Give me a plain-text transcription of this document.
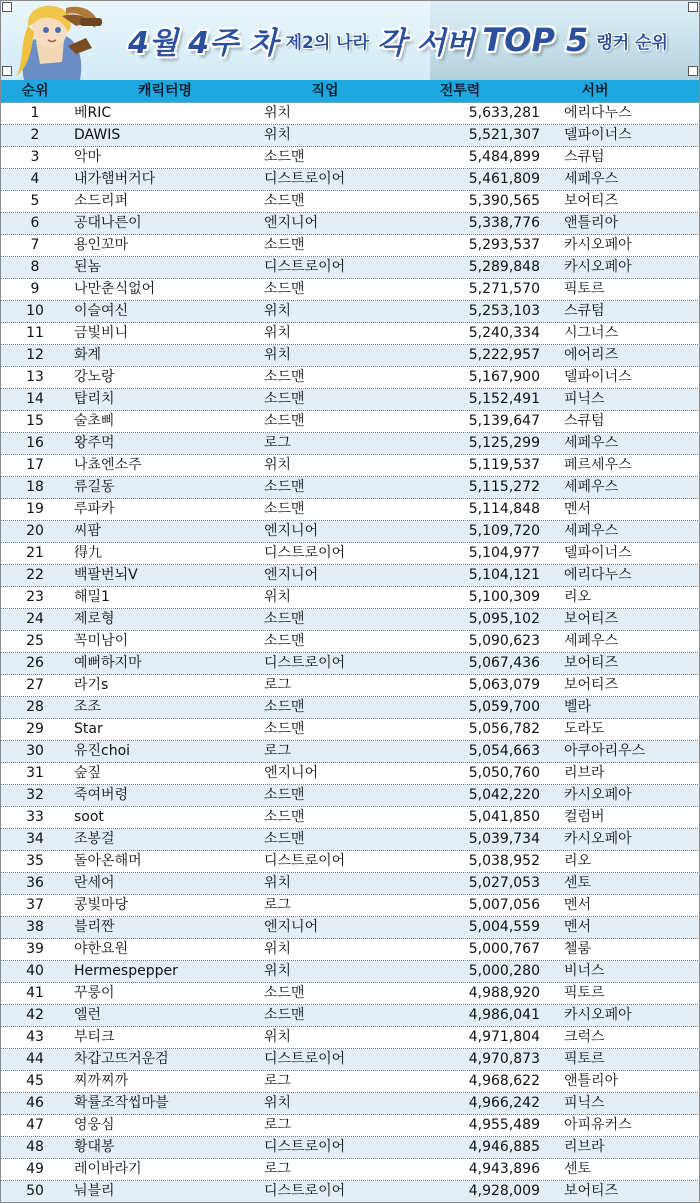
4월 4주 차 제2의 나라 각 서버 TOP 5 랭커 순위
순위	캐릭터명	직업	전투력	서버
1	베RIC	위치	5,633,281 에리다누스
2	DAWIS	위치	5,521,307 델파이너스
3	악마	소드맨	5,484,899 스큐텀
4	내가햄버거다	디스트로이어	5,461,809 세페우스
5	소드리퍼	소드맨	5,390,565 보어티즈
6	공대나른이	엔지니어	5,338,776 앤틀리아
7	용인꼬마	소드맨	5,293,537 카시오페아
8	된놈	디스트로이어	5,289,848 카시오페아
9	나만춘식없어	소드맨	5,271,570 픽토르
10	이슬여신	위치	5,253,103 스큐텀
11	금빛비니	위치	5,240,334 시그너스
12	화계	위치	5,222,957 에어리즈
13	강노랑	소드맨	5,167,900 델파이너스
14	탑리치	소드맨	5,152,491 피닉스
15	술초삐	소드맨	5,139,647 스큐텀
16	왕주먹	로그	5,125,299 세페우스
17	나쵸엔소주	위치	5,119,537 페르세우스
18	류길동	소드맨	5,115,272 세페우스
19	루파카	소드맨	5,114,848 멘서
20	씨팜	엔지니어	5,109,720 세페우스
21	得九	디스트로이어	5,104,977 델파이너스
22	백팔번뇌V	엔지니어	5,104,121 에리다누스
23	해밀1	위치	5,100,309 리오
24	제로형	소드맨	5,095,102 보어티즈
25	꼭미남이	소드맨	5,090,623 세페우스
26	예뻐하지마	디스트로이어	5,067,436 보어티즈
27	라기s	로그	5,063,079 보어티즈
28	조조	소드맨	5,059,700 벨라
29	Star	소드맨	5,056,782 도라도
30	유진choi	로그	5,054,663 아쿠아리우스
31	숲짚	엔지니어	5,050,760 리브라
32	죽여버령	소드맨	5,042,220 카시오페아
33	soot	소드맨	5,041,850 컬럼버
34	조봉걸	소드맨	5,039,734 카시오페아
35	돌아온해머	디스트로이어	5,038,952 리오
36	란세어	위치	5,027,053 센토
37	콩빛마당	로그	5,007,056 멘서
38	블리짠	엔지니어	5,004,559 멘서
39	야한요원	위치	5,000,767 첼룸
40	Hermespepper	위치	5,000,280 비너스
41	꾸룽이	소드맨	4,988,920 픽토르
42	엘런	소드맨	4,986,041 카시오페아
43	부티크	위치	4,971,804 크럭스
44	차갑고뜨거운검	디스트로이어	4,970,873 픽토르
45	찌까찌까	로그	4,968,622 앤틀리아
46	확률조작씹마블	위치	4,966,242 피닉스
47	영웅심	로그	4,955,489 아피유커스
48	황대봉	디스트로이어	4,946,885 리브라
49	레이바라기	로그	4,943,896 센토
50	눠블리	디스트로이어	4,928,009 보어티즈
